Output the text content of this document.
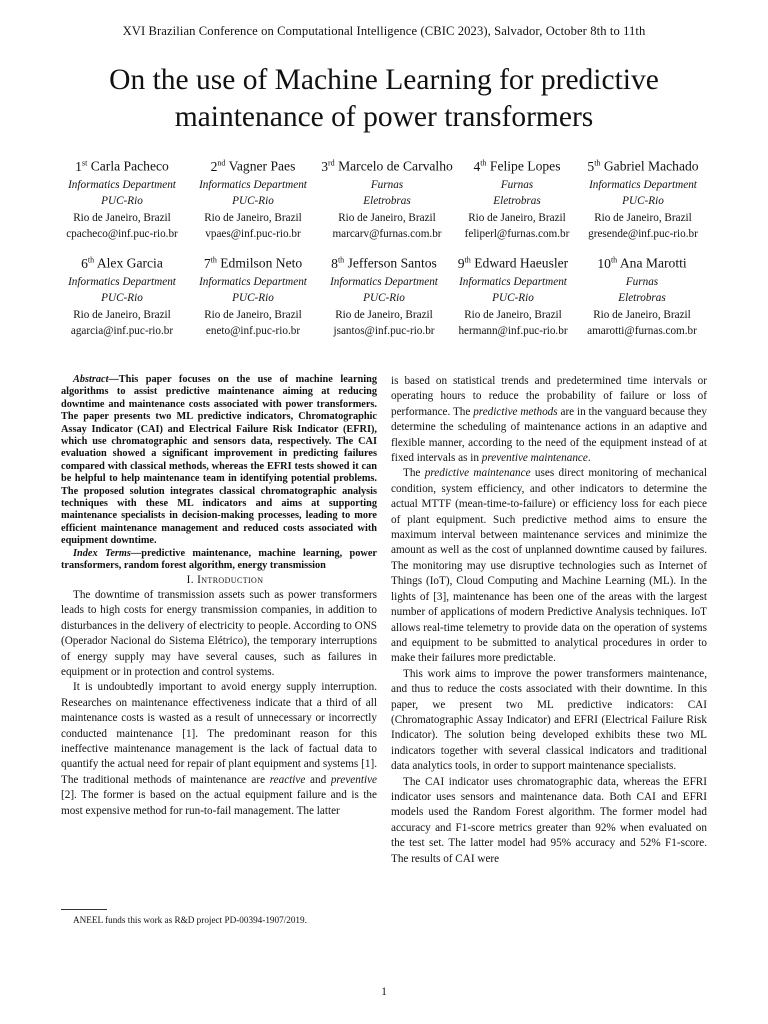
XVI Brazilian Conference on Computational Intelligence (CBIC 2023), Salvador, October 8th to 11th
On the use of Machine Learning for predictive maintenance of power transformers
1st Carla Pacheco
Informatics Department
PUC-Rio
Rio de Janeiro, Brazil
cpacheco@inf.puc-rio.br
2nd Vagner Paes
Informatics Department
PUC-Rio
Rio de Janeiro, Brazil
vpaes@inf.puc-rio.br
3rd Marcelo de Carvalho
Furnas
Eletrobras
Rio de Janeiro, Brazil
marcarv@furnas.com.br
4th Felipe Lopes
Furnas
Eletrobras
Rio de Janeiro, Brazil
feliperl@furnas.com.br
5th Gabriel Machado
Informatics Department
PUC-Rio
Rio de Janeiro, Brazil
gresende@inf.puc-rio.br
6th Alex Garcia
Informatics Department
PUC-Rio
Rio de Janeiro, Brazil
agarcia@inf.puc-rio.br
7th Edmilson Neto
Informatics Department
PUC-Rio
Rio de Janeiro, Brazil
eneto@inf.puc-rio.br
8th Jefferson Santos
Informatics Department
PUC-Rio
Rio de Janeiro, Brazil
jsantos@inf.puc-rio.br
9th Edward Haeusler
Informatics Department
PUC-Rio
Rio de Janeiro, Brazil
hermann@inf.puc-rio.br
10th Ana Marotti
Furnas
Eletrobras
Rio de Janeiro, Brazil
amarotti@furnas.com.br

Abstract—This paper focuses on the use of machine learning algorithms to assist predictive maintenance aiming at reducing downtime and maintenance costs associated with power transformers. The paper presents two ML predictive indicators, Chromatographic Assay Indicator (CAI) and Electrical Failure Risk Indicator (EFRI), which use chromatographic and sensors data, respectively. The CAI evaluation showed a significant improvement in predicting failures compared with classical methods, whereas the EFRI tests showed it can be helpful to help maintenance team in identifying potential problems. The proposed solution integrates classical chromatographic analysis techniques with these ML indicators and aims at supporting maintenance specialists in decision-making processes, leading to more efficient maintenance management and reduced costs associated with equipment downtime.

Index Terms—predictive maintenance, machine learning, power transformers, random forest algorithm, energy transmission

I. Introduction

The downtime of transmission assets such as power transformers leads to high costs for energy transmission companies, in addition to disturbances in the delivery of electricity to people. According to ONS (Operador Nacional do Sistema Elétrico), the temporary interruptions of energy supply may have several causes, such as failures in equipment or in protection and control systems.

It is undoubtedly important to avoid energy supply interruption. Researches on maintenance effectiveness indicate that a third of all maintenance costs is wasted as a result of unnecessary or incorrectly conducted maintenance [1]. The predominant reason for this ineffective maintenance management is the lack of factual data to quantify the actual need for repair of plant equipment and systems [1]. The traditional methods of maintenance are reactive and preventive [2]. The former is based on the actual equipment failure and is the most expensive method for run-to-fail management. The latter

is based on statistical trends and predetermined time intervals or operating hours to reduce the probability of failure or loss of performance. The predictive methods are in the vanguard because they determine the scheduling of maintenance actions in an adaptive and flexible manner, according to the need of the equipment instead of at fixed intervals as in preventive maintenance.

The predictive maintenance uses direct monitoring of mechanical condition, system efficiency, and other indicators to determine the actual MTTF (mean-time-to-failure) or efficiency loss for each piece of plant equipment. Such predictive method aims to ensure the maximum interval between maintenance services and minimize the amount as well as the cost of unplanned downtime caused by failures. The monitoring may use disruptive technologies such as Internet of Things (IoT), Cloud Computing and Machine Learning (ML). In the lights of [3], maintenance has been one of the areas with the largest number of applications of modern Predictive Analysis techniques. IoT allows real-time telemetry to provide data on the operation of systems and equipment to be submitted to analytical procedures in order to make their failures more predictable.

This work aims to improve the power transformers maintenance, and thus to reduce the costs associated with their downtime. In this paper, we present two ML predictive indicators: CAI (Chromatographic Assay Indicator) and EFRI (Electrical Failure Risk Indicator). The solution being developed exhibits these two ML indicators together with several classical indicators and traditional data analytics tools, in order to support maintenance specialists.

The CAI indicator uses chromatographic data, whereas the EFRI indicator uses sensors and maintenance data. Both CAI and EFRI models used the Random Forest algorithm. The former model had accuracy and F1-score metrics greater than 92% when evaluated on the test set. The latter model had 95% accuracy and 52% F1-score. The results of CAI were

ANEEL funds this work as R&D project PD-00394-1907/2019.
1
